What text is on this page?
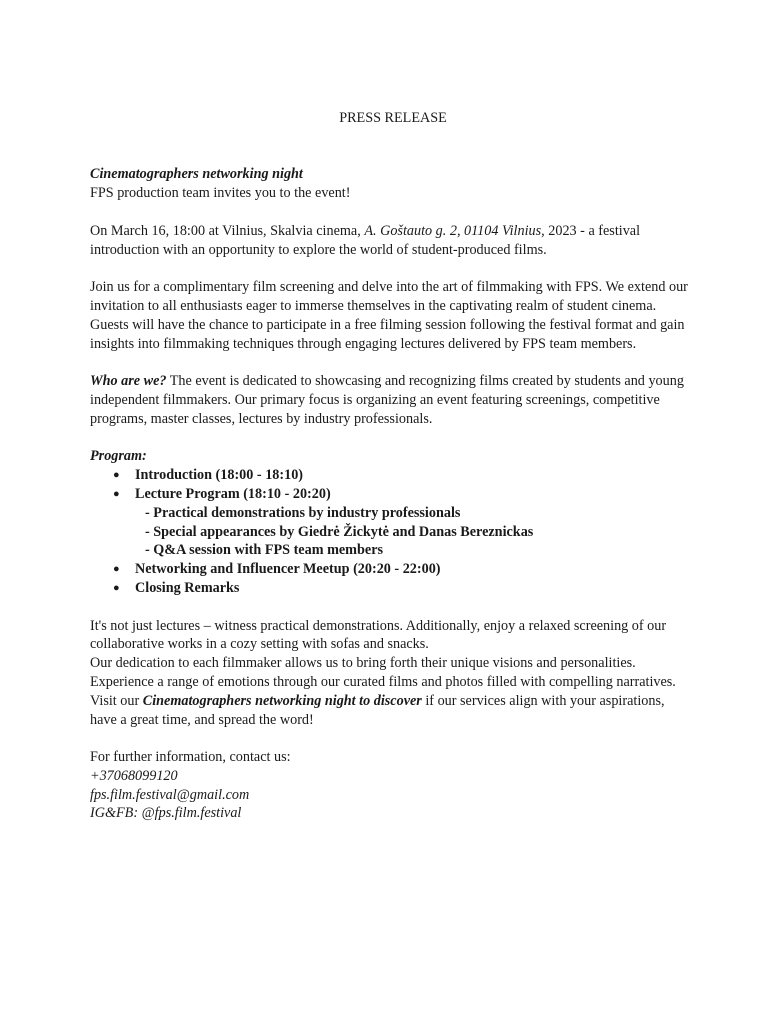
PRESS RELEASE

Cinematographers networking night

FPS production team invites you to the event!

On March 16, 18:00 at Vilnius, Skalvia cinema, A. Goštauto g. 2, 01104 Vilnius, 2023 - a festival introduction with an opportunity to explore the world of student-produced films.

Join us for a complimentary film screening and delve into the art of filmmaking with FPS. We extend our invitation to all enthusiasts eager to immerse themselves in the captivating realm of student cinema. Guests will have the chance to participate in a free filming session following the festival format and gain insights into filmmaking techniques through engaging lectures delivered by FPS team members.

Who are we? The event is dedicated to showcasing and recognizing films created by students and young independent filmmakers. Our primary focus is organizing an event featuring screenings, competitive programs, master classes, lectures by industry professionals.

Program:

● Introduction (18:00 - 18:10)
● Lecture Program (18:10 - 20:20)

- Practical demonstrations by industry professionals

- Special appearances by Giedrė Žickytė and Danas Bereznickas

- Q&A session with FPS team members

● Networking and Influencer Meetup (20:20 - 22:00)
● Closing Remarks

It's not just lectures – witness practical demonstrations. Additionally, enjoy a relaxed screening of our collaborative works in a cozy setting with sofas and snacks.

Our dedication to each filmmaker allows us to bring forth their unique visions and personalities.

Experience a range of emotions through our curated films and photos filled with compelling narratives.

Visit our Cinematographers networking night to discover if our services align with your aspirations, have a great time, and spread the word!

For further information, contact us:

+37068099120

fps.film.festival@gmail.com

IG&FB: @fps.film.festival
